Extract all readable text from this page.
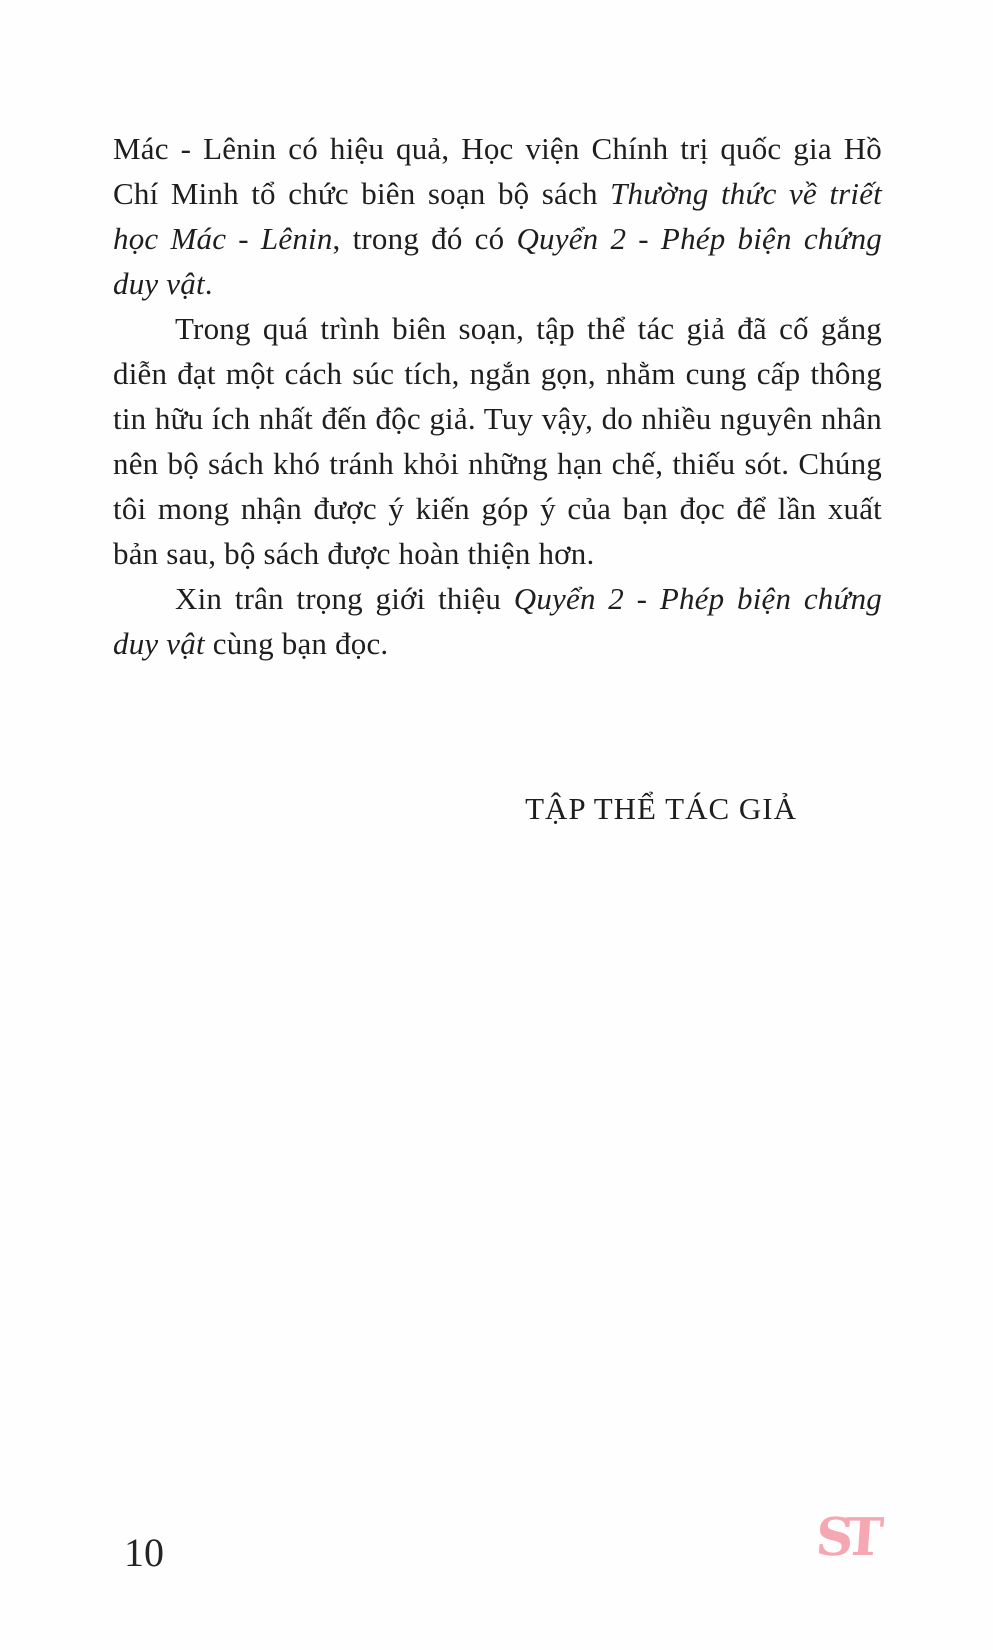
Mác - Lênin có hiệu quả, Học viện Chính trị quốc gia Hồ Chí Minh tổ chức biên soạn bộ sách Thường thức về triết học Mác - Lênin, trong đó có Quyển 2 - Phép biện chứng duy vật.

Trong quá trình biên soạn, tập thể tác giả đã cố gắng diễn đạt một cách súc tích, ngắn gọn, nhằm cung cấp thông tin hữu ích nhất đến độc giả. Tuy vậy, do nhiều nguyên nhân nên bộ sách khó tránh khỏi những hạn chế, thiếu sót. Chúng tôi mong nhận được ý kiến góp ý của bạn đọc để lần xuất bản sau, bộ sách được hoàn thiện hơn.

Xin trân trọng giới thiệu Quyển 2 - Phép biện chứng duy vật cùng bạn đọc.

TẬP THỂ TÁC GIẢ
10	ST
